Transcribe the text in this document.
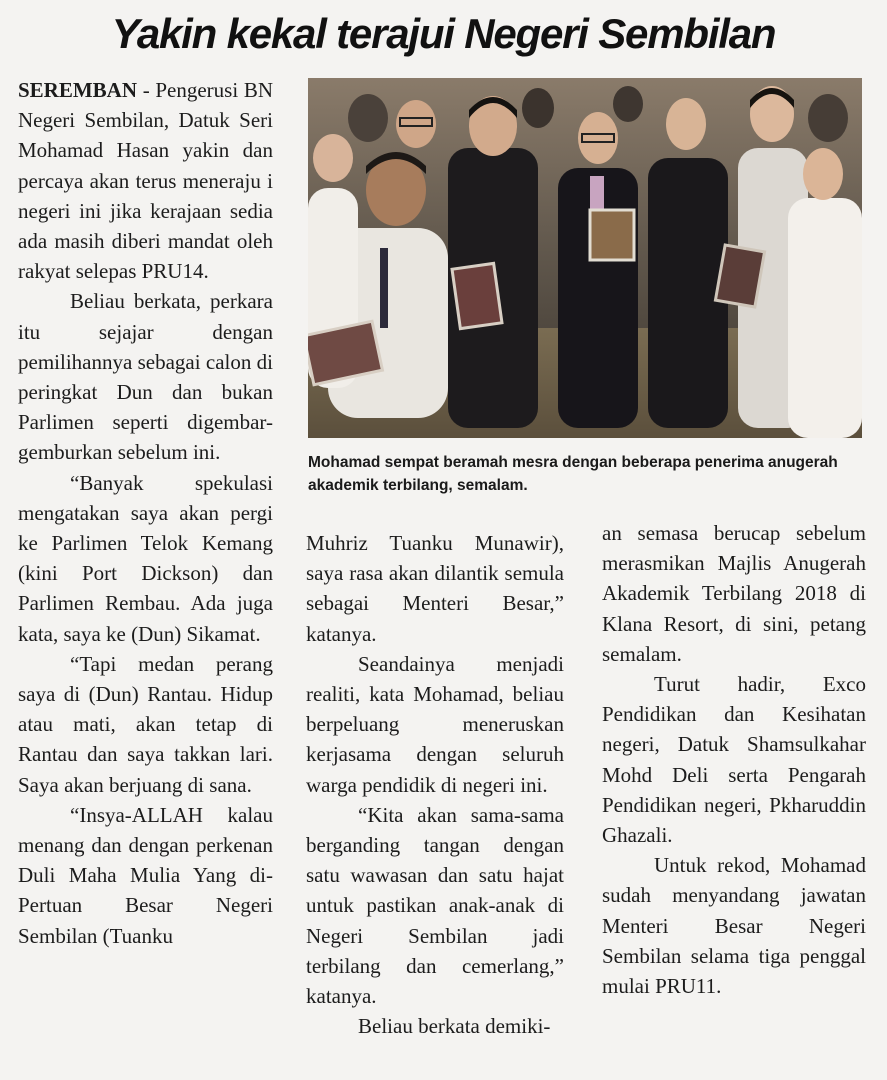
Yakin kekal terajui Negeri Sembilan

Mohamad sempat beramah mesra dengan beberapa penerima anugerah akademik terbilang, semalam.

SEREMBAN - Pengerusi BN Negeri Sembilan, Datuk Seri Mohamad Hasan yakin dan percaya akan terus meneraju i negeri ini jika kerajaan sedia ada masih diberi mandat oleh rakyat selepas PRU14.

Beliau berkata, perkara itu sejajar dengan pemilihannya sebagai calon di peringkat Dun dan bukan Parlimen seperti digembar-gemburkan sebelum ini.

“Banyak spekulasi mengatakan saya akan pergi ke Parlimen Telok Kemang (kini Port Dickson) dan Parlimen Rembau. Ada juga kata, saya ke (Dun) Sikamat.

“Tapi medan perang saya di (Dun) Rantau. Hidup atau mati, akan tetap di Rantau dan saya takkan lari. Saya akan berjuang di sana.

“Insya-ALLAH kalau menang dan dengan perkenan Duli Maha Mulia Yang di-Pertuan Besar Negeri Sembilan (Tuanku

Muhriz Tuanku Munawir), saya rasa akan dilantik semula sebagai Menteri Besar,” katanya.

Seandainya menjadi realiti, kata Mohamad, beliau berpeluang meneruskan kerjasama dengan seluruh warga pendidik di negeri ini.

“Kita akan sama-sama berganding tangan dengan satu wawasan dan satu hajat untuk pastikan anak-anak di Negeri Sembilan jadi terbilang dan cemerlang,” katanya.

Beliau berkata demiki-

an semasa berucap sebelum merasmikan Majlis Anugerah Akademik Terbilang 2018 di Klana Resort, di sini, petang semalam.

Turut hadir, Exco Pendidikan dan Kesihatan negeri, Datuk Shamsulkahar Mohd Deli serta Pengarah Pendidikan negeri, Pkharuddin Ghazali.

Untuk rekod, Mohamad sudah menyandang jawatan Menteri Besar Negeri Sembilan selama tiga penggal mulai PRU11.
